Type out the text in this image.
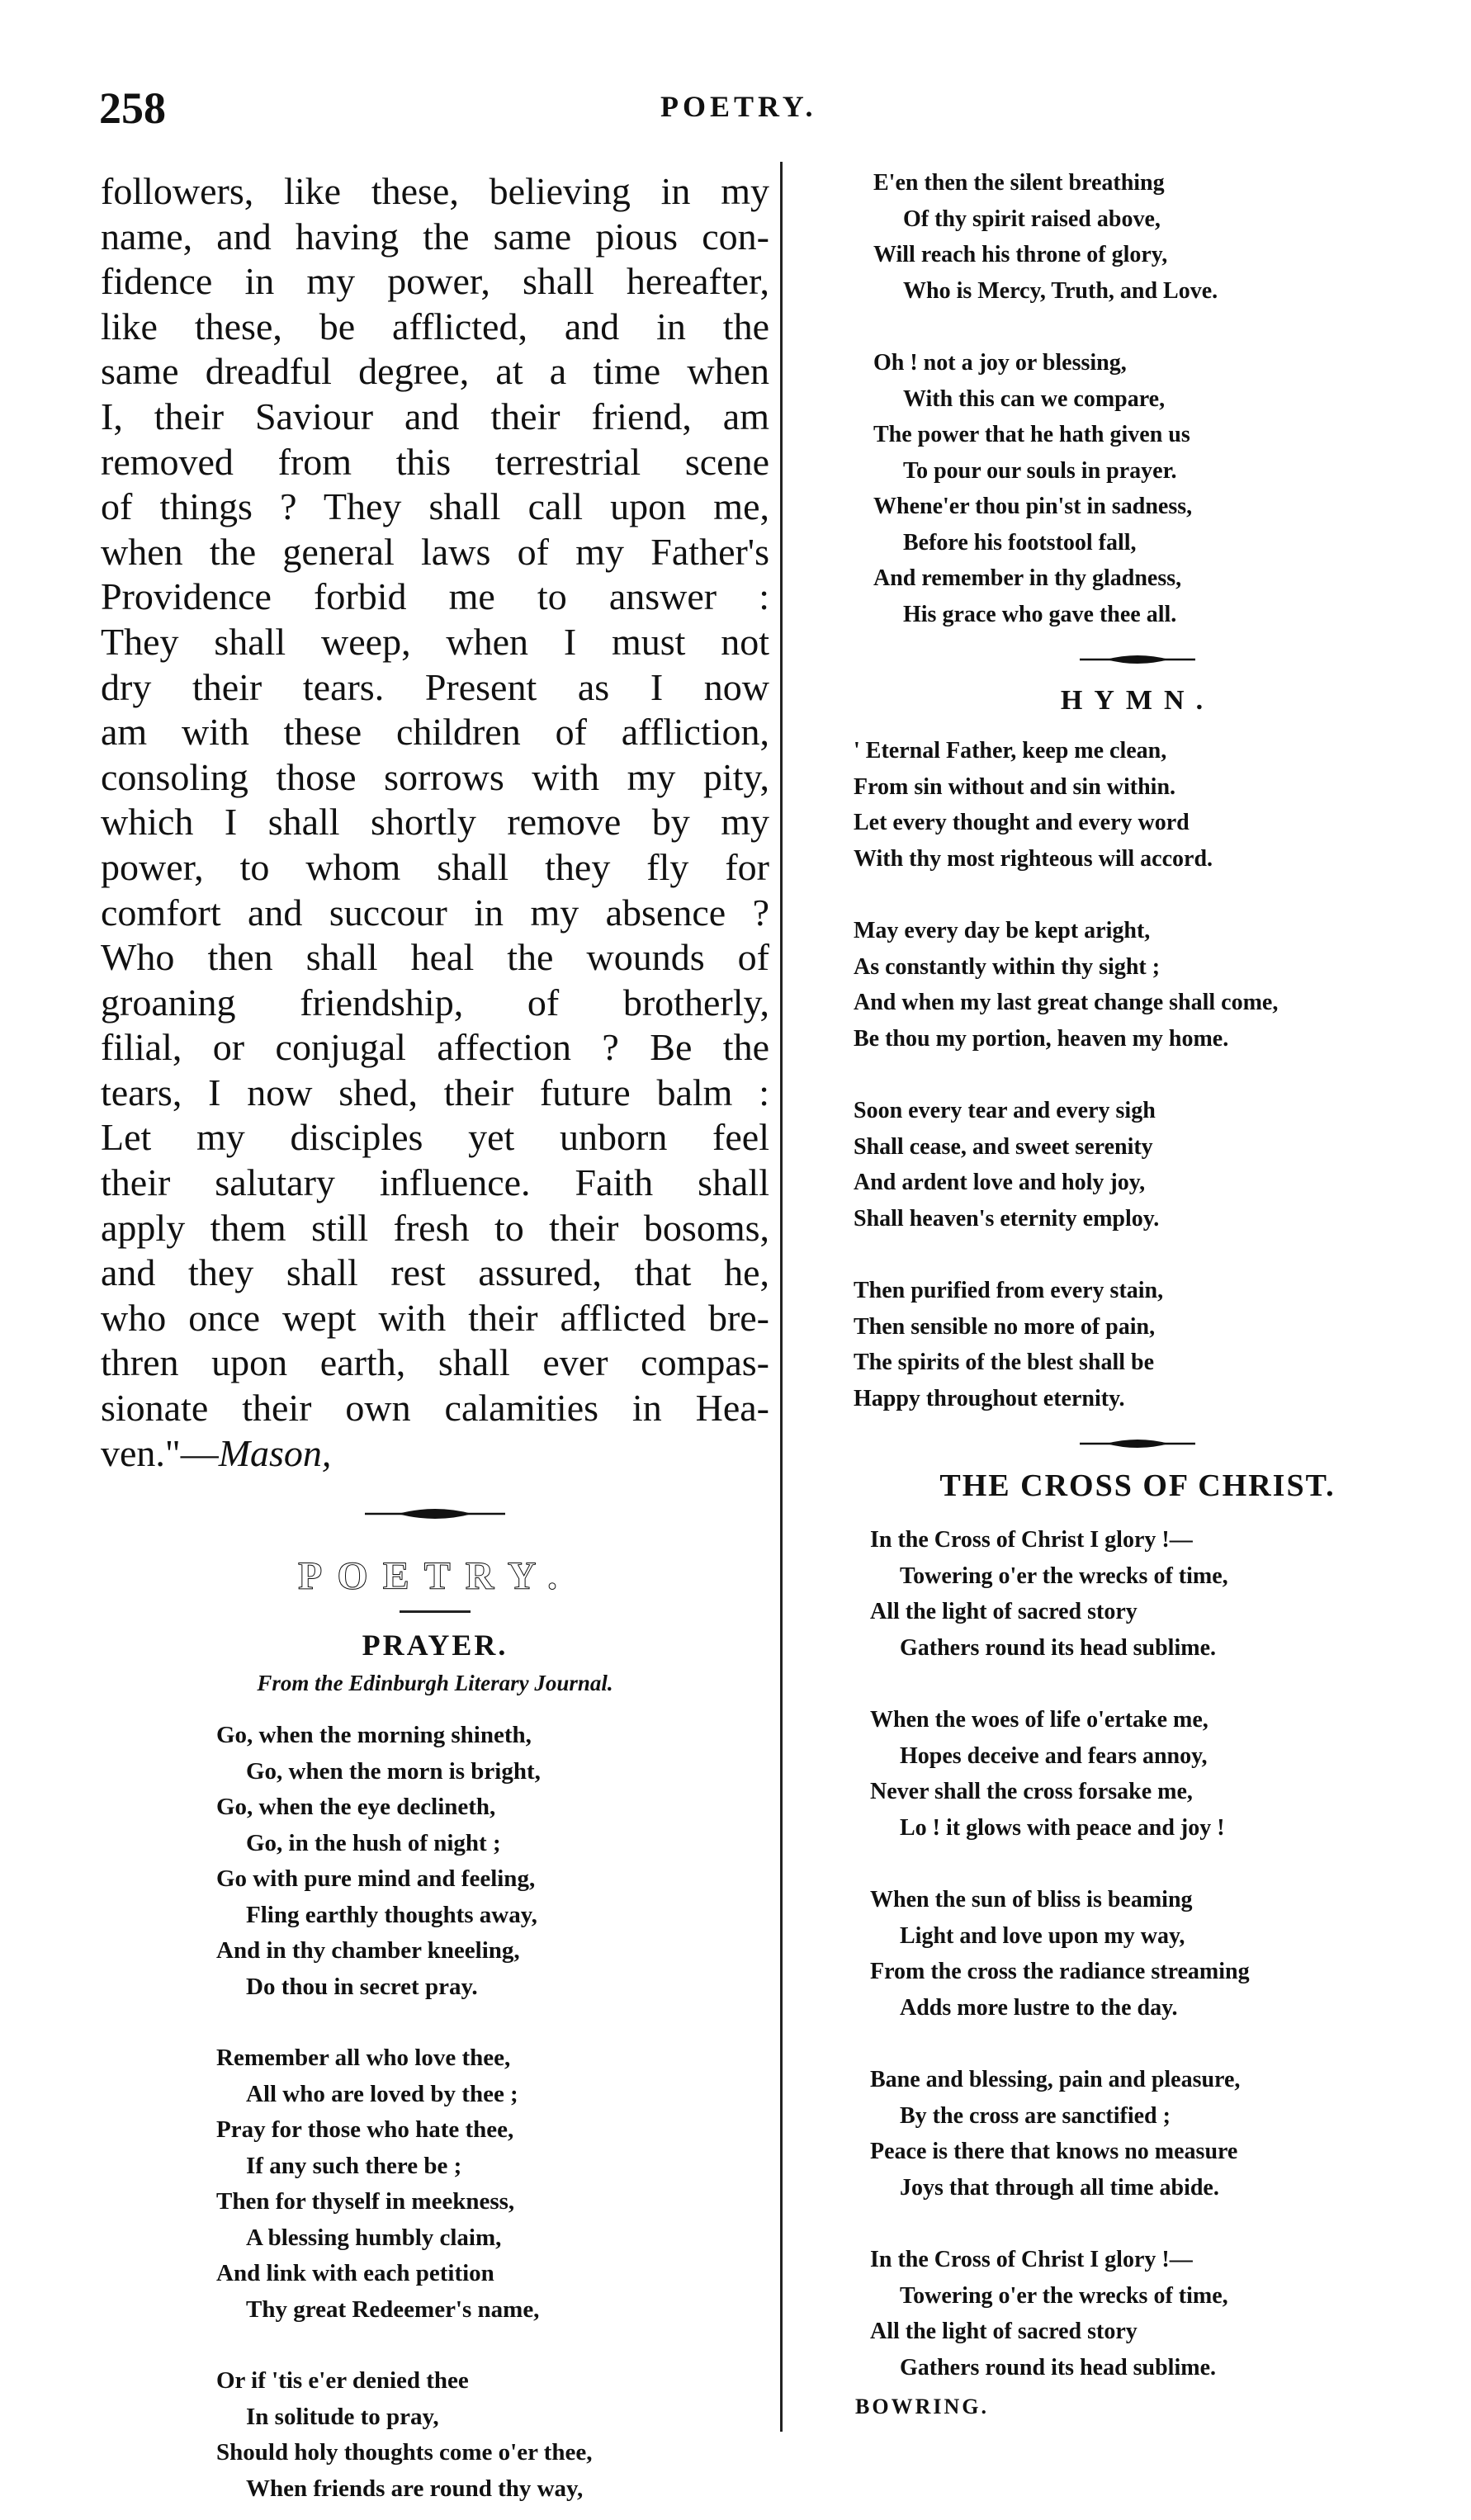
258	POETRY.
followers, like these, believing in my
name, and having the same pious con-
fidence in my power, shall hereafter,
like these, be afflicted, and in the
same dreadful degree, at a time when
I, their Saviour and their friend, am
removed from this terrestrial scene
of things ? They shall call upon me,
when the general laws of my Father's
Providence forbid me to answer :
They shall weep, when I must not
dry their tears. Present as I now
am with these children of affliction,
consoling those sorrows with my pity,
which I shall shortly remove by my
power, to whom shall they fly for
comfort and succour in my absence ?
Who then shall heal the wounds of
groaning friendship, of brotherly,
filial, or conjugal affection ? Be the
tears, I now shed, their future balm :
Let my disciples yet unborn feel
their salutary influence. Faith shall
apply them still fresh to their bosoms,
and they shall rest assured, that he,
who once wept with their afflicted bre-
thren upon earth, shall ever compas-
sionate their own calamities in Hea-
ven."—Mason,
POETRY.
PRAYER.
From the Edinburgh Literary Journal.
Go, when the morning shineth,
Go, when the morn is bright,
Go, when the eye declineth,
Go, in the hush of night ;
Go with pure mind and feeling,
Fling earthly thoughts away,
And in thy chamber kneeling,
Do thou in secret pray.
Remember all who love thee,
All who are loved by thee ;
Pray for those who hate thee,
If any such there be ;
Then for thyself in meekness,
A blessing humbly claim,
And link with each petition
Thy great Redeemer's name,
Or if 'tis e'er denied thee
In solitude to pray,
Should holy thoughts come o'er thee,
When friends are round thy way,
E'en then the silent breathing
Of thy spirit raised above,
Will reach his throne of glory,
Who is Mercy, Truth, and Love.
Oh ! not a joy or blessing,
With this can we compare,
The power that he hath given us
To pour our souls in prayer.
Whene'er thou pin'st in sadness,
Before his footstool fall,
And remember in thy gladness,
His grace who gave thee all.
HYMN.
' Eternal Father, keep me clean,
From sin without and sin within.
Let every thought and every word
With thy most righteous will accord.
May every day be kept aright,
As constantly within thy sight ;
And when my last great change shall come,
Be thou my portion, heaven my home.
Soon every tear and every sigh
Shall cease, and sweet serenity
And ardent love and holy joy,
Shall heaven's eternity employ.
Then purified from every stain,
Then sensible no more of pain,
The spirits of the blest shall be
Happy throughout eternity.
THE CROSS OF CHRIST.
In the Cross of Christ I glory !—
Towering o'er the wrecks of time,
All the light of sacred story
Gathers round its head sublime.
When the woes of life o'ertake me,
Hopes deceive and fears annoy,
Never shall the cross forsake me,
Lo ! it glows with peace and joy !
When the sun of bliss is beaming
Light and love upon my way,
From the cross the radiance streaming
Adds more lustre to the day.
Bane and blessing, pain and pleasure,
By the cross are sanctified ;
Peace is there that knows no measure
Joys that through all time abide.
In the Cross of Christ I glory !—
Towering o'er the wrecks of time,
All the light of sacred story
Gathers round its head sublime.
BOWRING.
